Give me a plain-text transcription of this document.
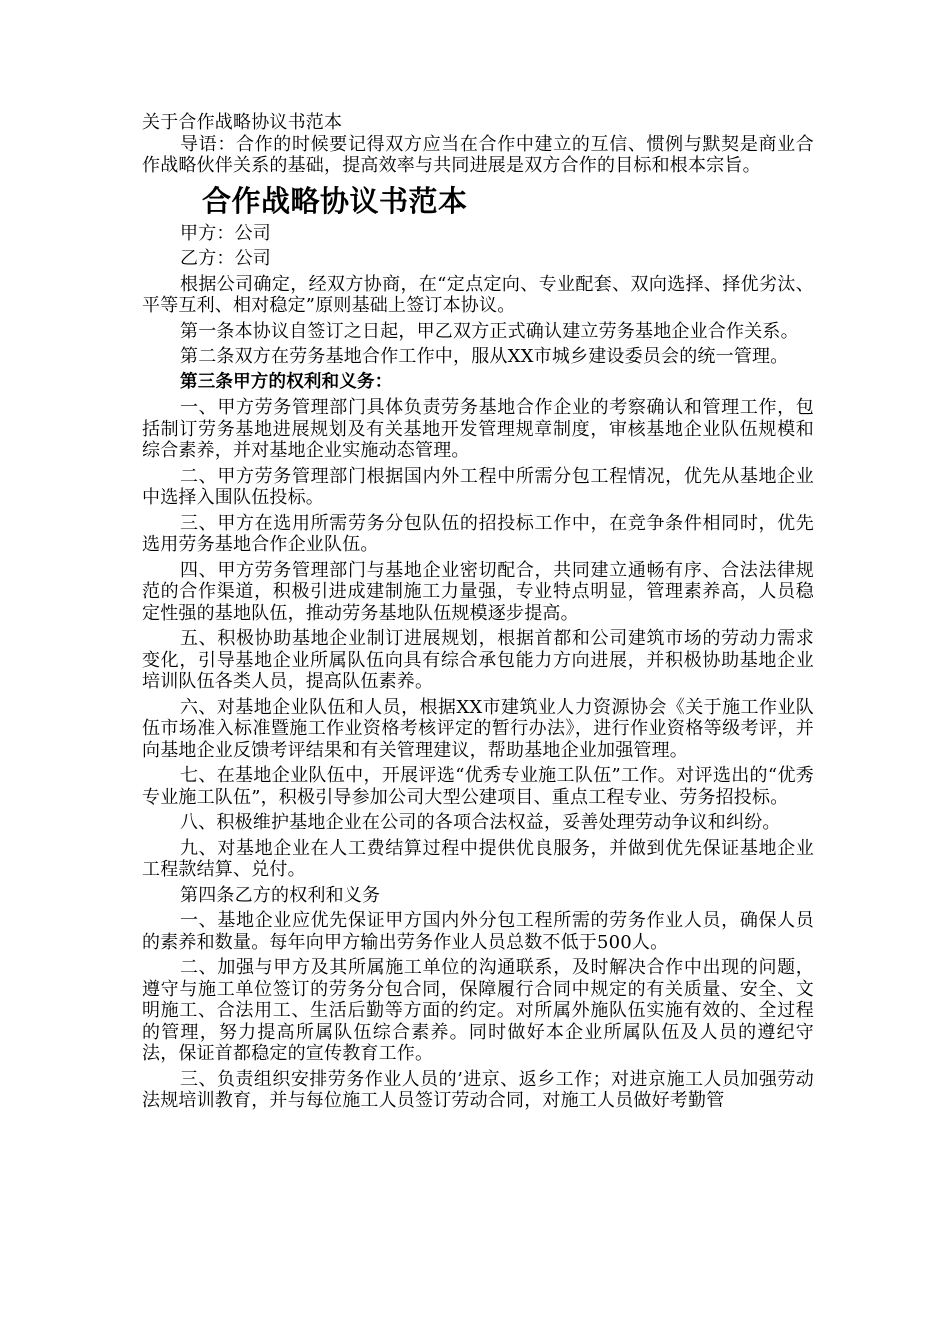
关于合作战略协议书范本

导语：合作的时候要记得双方应当在合作中建立的互信、惯例与默契是商业合作战略伙伴关系的基础，提高效率与共同进展是双方合作的目标和根本宗旨。

合作战略协议书范本

甲方：公司

乙方：公司

根据公司确定，经双方协商，在“定点定向、专业配套、双向选择、择优劣汰、平等互利、相对稳定”原则基础上签订本协议。

第一条本协议自签订之日起，甲乙双方正式确认建立劳务基地企业合作关系。

第二条双方在劳务基地合作工作中，服从XX市城乡建设委员会的统一管理。

第三条甲方的权利和义务：

一、甲方劳务管理部门具体负责劳务基地合作企业的考察确认和管理工作，包括制订劳务基地进展规划及有关基地开发管理规章制度，审核基地企业队伍规模和综合素养，并对基地企业实施动态管理。

二、甲方劳务管理部门根据国内外工程中所需分包工程情况，优先从基地企业中选择入围队伍投标。

三、甲方在选用所需劳务分包队伍的招投标工作中，在竞争条件相同时，优先选用劳务基地合作企业队伍。

四、甲方劳务管理部门与基地企业密切配合，共同建立通畅有序、合法法律规范的合作渠道，积极引进成建制施工力量强，专业特点明显，管理素养高，人员稳定性强的基地队伍，推动劳务基地队伍规模逐步提高。

五、积极协助基地企业制订进展规划，根据首都和公司建筑市场的劳动力需求变化，引导基地企业所属队伍向具有综合承包能力方向进展，并积极协助基地企业培训队伍各类人员，提高队伍素养。

六、对基地企业队伍和人员，根据XX市建筑业人力资源协会《关于施工作业队伍市场准入标准暨施工作业资格考核评定的暂行办法》，进行作业资格等级考评，并向基地企业反馈考评结果和有关管理建议，帮助基地企业加强管理。

七、在基地企业队伍中，开展评选“优秀专业施工队伍”工作。对评选出的“优秀专业施工队伍”，积极引导参加公司大型公建项目、重点工程专业、劳务招投标。

八、积极维护基地企业在公司的各项合法权益，妥善处理劳动争议和纠纷。

九、对基地企业在人工费结算过程中提供优良服务，并做到优先保证基地企业工程款结算、兑付。

第四条乙方的权利和义务

一、基地企业应优先保证甲方国内外分包工程所需的劳务作业人员，确保人员的素养和数量。每年向甲方输出劳务作业人员总数不低于500人。

二、加强与甲方及其所属施工单位的沟通联系，及时解决合作中出现的问题，遵守与施工单位签订的劳务分包合同，保障履行合同中规定的有关质量、安全、文明施工、合法用工、生活后勤等方面的约定。对所属外施队伍实施有效的、全过程的管理，努力提高所属队伍综合素养。同时做好本企业所属队伍及人员的遵纪守法，保证首都稳定的宣传教育工作。

三、负责组织安排劳务作业人员的’进京、返乡工作；对进京施工人员加强劳动法规培训教育，并与每位施工人员签订劳动合同，对施工人员做好考勤管
